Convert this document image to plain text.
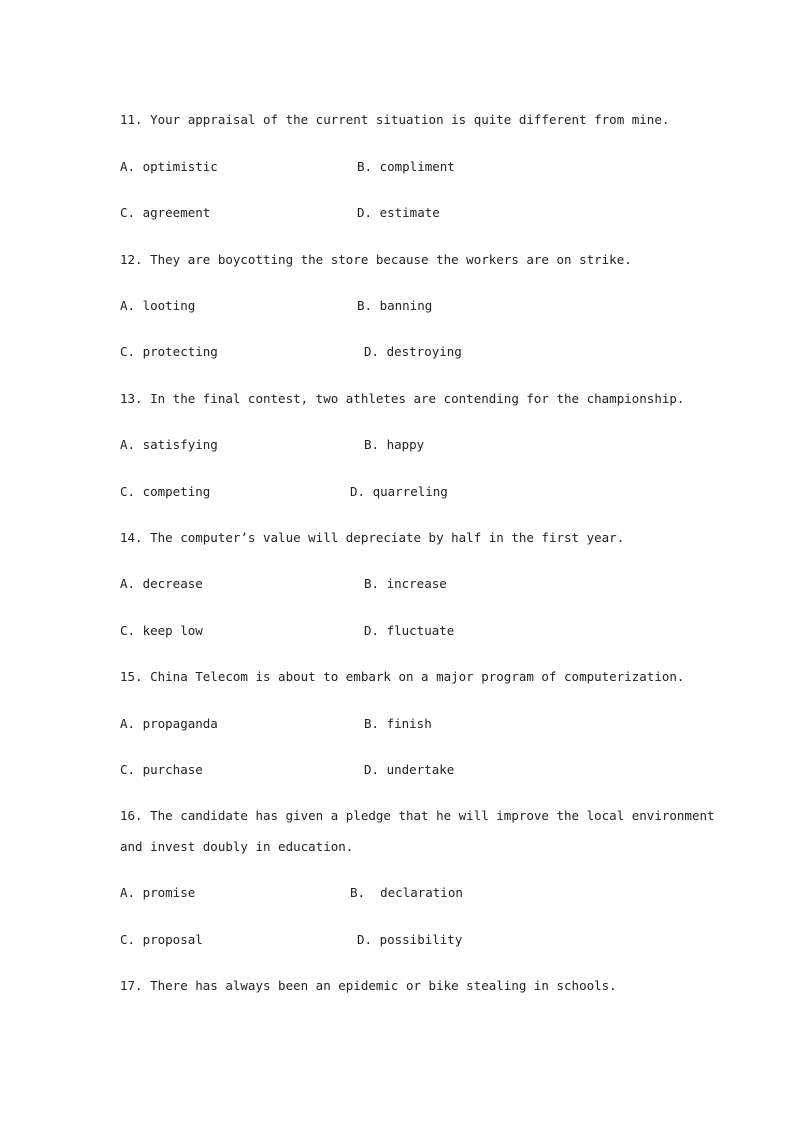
11. Your appraisal of the current situation is quite different from mine.
A. optimistic	B. compliment
C. agreement	D. estimate
12. They are boycotting the store because the workers are on strike.
A. looting	B. banning
C. protecting	D. destroying
13. In the final contest, two athletes are contending for the championship.
A. satisfying	B. happy
C. competing	D. quarreling
14. The computer’s value will depreciate by half in the first year.
A. decrease	B. increase
C. keep low	D. fluctuate
15. China Telecom is about to embark on a major program of computerization.
A. propaganda	B. finish
C. purchase	D. undertake
16. The candidate has given a pledge that he will improve the local environment
and invest doubly in education.
A. promise	B.  declaration
C. proposal	D. possibility
17. There has always been an epidemic or bike stealing in schools.
